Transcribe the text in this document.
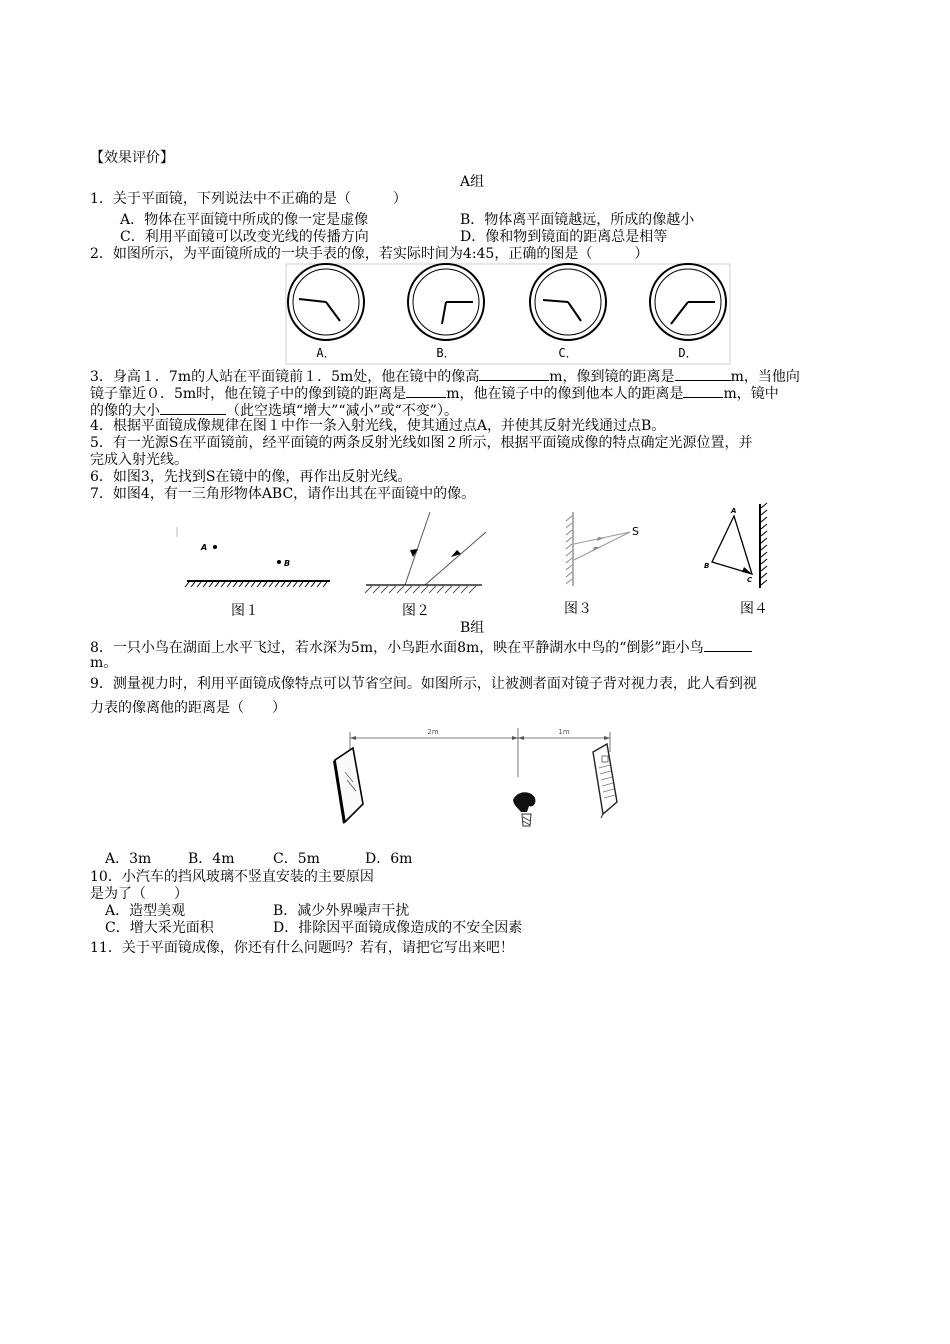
【效果评价】
A组
1．关于平面镜，下列说法中不正确的是（　　　）
A．物体在平面镜中所成的像一定是虚像	B．物体离平面镜越远，所成的像越小
C．利用平面镜可以改变光线的传播方向	D．像和物到镜面的距离总是相等
2．如图所示，为平面镜所成的一块手表的像，若实际时间为4:45，正确的图是（　　　）
A．	B．	C．	D．
3．身高１．7m的人站在平面镜前１．5m处，他在镜中的像高	m，像到镜的距离是	m，当他向
镜子靠近０．5m时，他在镜子中的像到镜的距离是	m，他在镜子中的像到他本人的距离是	m，镜中
的像的大小	（此空选填“增大”“减小”或“不变”）。
4．根据平面镜成像规律在图１中作一条入射光线，使其通过点A，并使其反射光线通过点B。
5．有一光源S在平面镜前，经平面镜的两条反射光线如图２所示，根据平面镜成像的特点确定光源位置，并
完成入射光线。
6．如图3，先找到S在镜中的像，再作出反射光线。
7．如图4，有一三角形物体ABC，请作出其在平面镜中的像。
A
B
S
A
B
C
图１	图２	图３	图４
B组
8．一只小鸟在湖面上水平飞过，若水深为5m，小鸟距水面8m，映在平静湖水中鸟的“倒影”距小鸟
m。
9．测量视力时，利用平面镜成像特点可以节省空间。如图所示，让被测者面对镜子背对视力表，此人看到视
力表的像离他的距离是（　　）
2m	1m
A．3m	B．4m	C．5m	D．6m
10．小汽车的挡风玻璃不竖直安装的主要原因
是为了（　　）
A．造型美观	B．减少外界噪声干扰
C．增大采光面积	D．排除因平面镜成像造成的不安全因素
11．关于平面镜成像，你还有什么问题吗？若有，请把它写出来吧！
